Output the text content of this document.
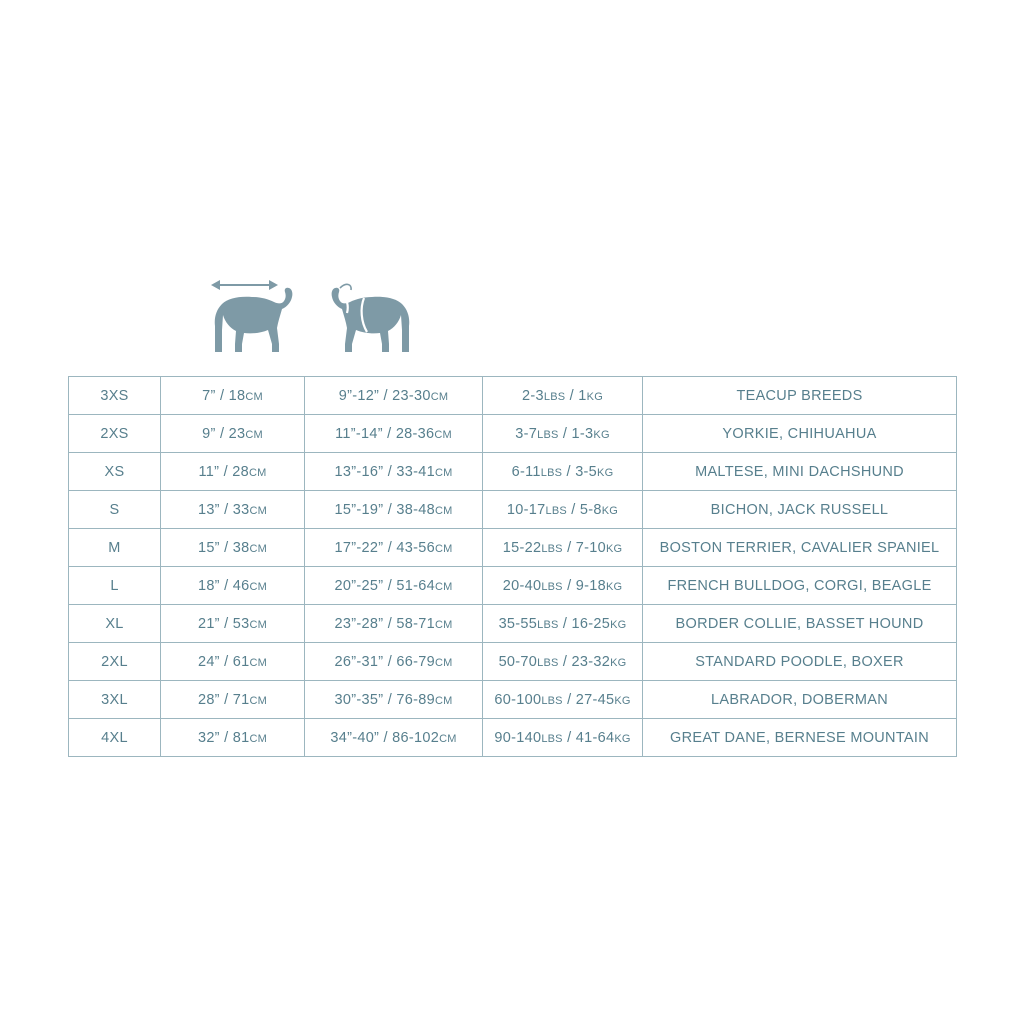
3XS	7” / 18CM	9”-12” / 23-30CM	2-3LBS / 1KG	TEACUP BREEDS
2XS	9” / 23CM	11”-14” / 28-36CM	3-7LBS / 1-3KG	YORKIE, CHIHUAHUA
XS	11” / 28CM	13”-16” / 33-41CM	6-11LBS / 3-5KG	MALTESE, MINI DACHSHUND
S	13” / 33CM	15”-19” / 38-48CM	10-17LBS / 5-8KG	BICHON, JACK RUSSELL
M	15” / 38CM	17”-22” / 43-56CM	15-22LBS / 7-10KG	BOSTON TERRIER, CAVALIER SPANIEL
L	18” / 46CM	20”-25” / 51-64CM	20-40LBS / 9-18KG	FRENCH BULLDOG, CORGI, BEAGLE
XL	21” / 53CM	23”-28” / 58-71CM	35-55LBS / 16-25KG	BORDER COLLIE, BASSET HOUND
2XL	24” / 61CM	26”-31” / 66-79CM	50-70LBS / 23-32KG	STANDARD POODLE, BOXER
3XL	28” / 71CM	30”-35” / 76-89CM	60-100LBS / 27-45KG	LABRADOR, DOBERMAN
4XL	32” / 81CM	34”-40” / 86-102CM	90-140LBS / 41-64KG	GREAT DANE, BERNESE MOUNTAIN
